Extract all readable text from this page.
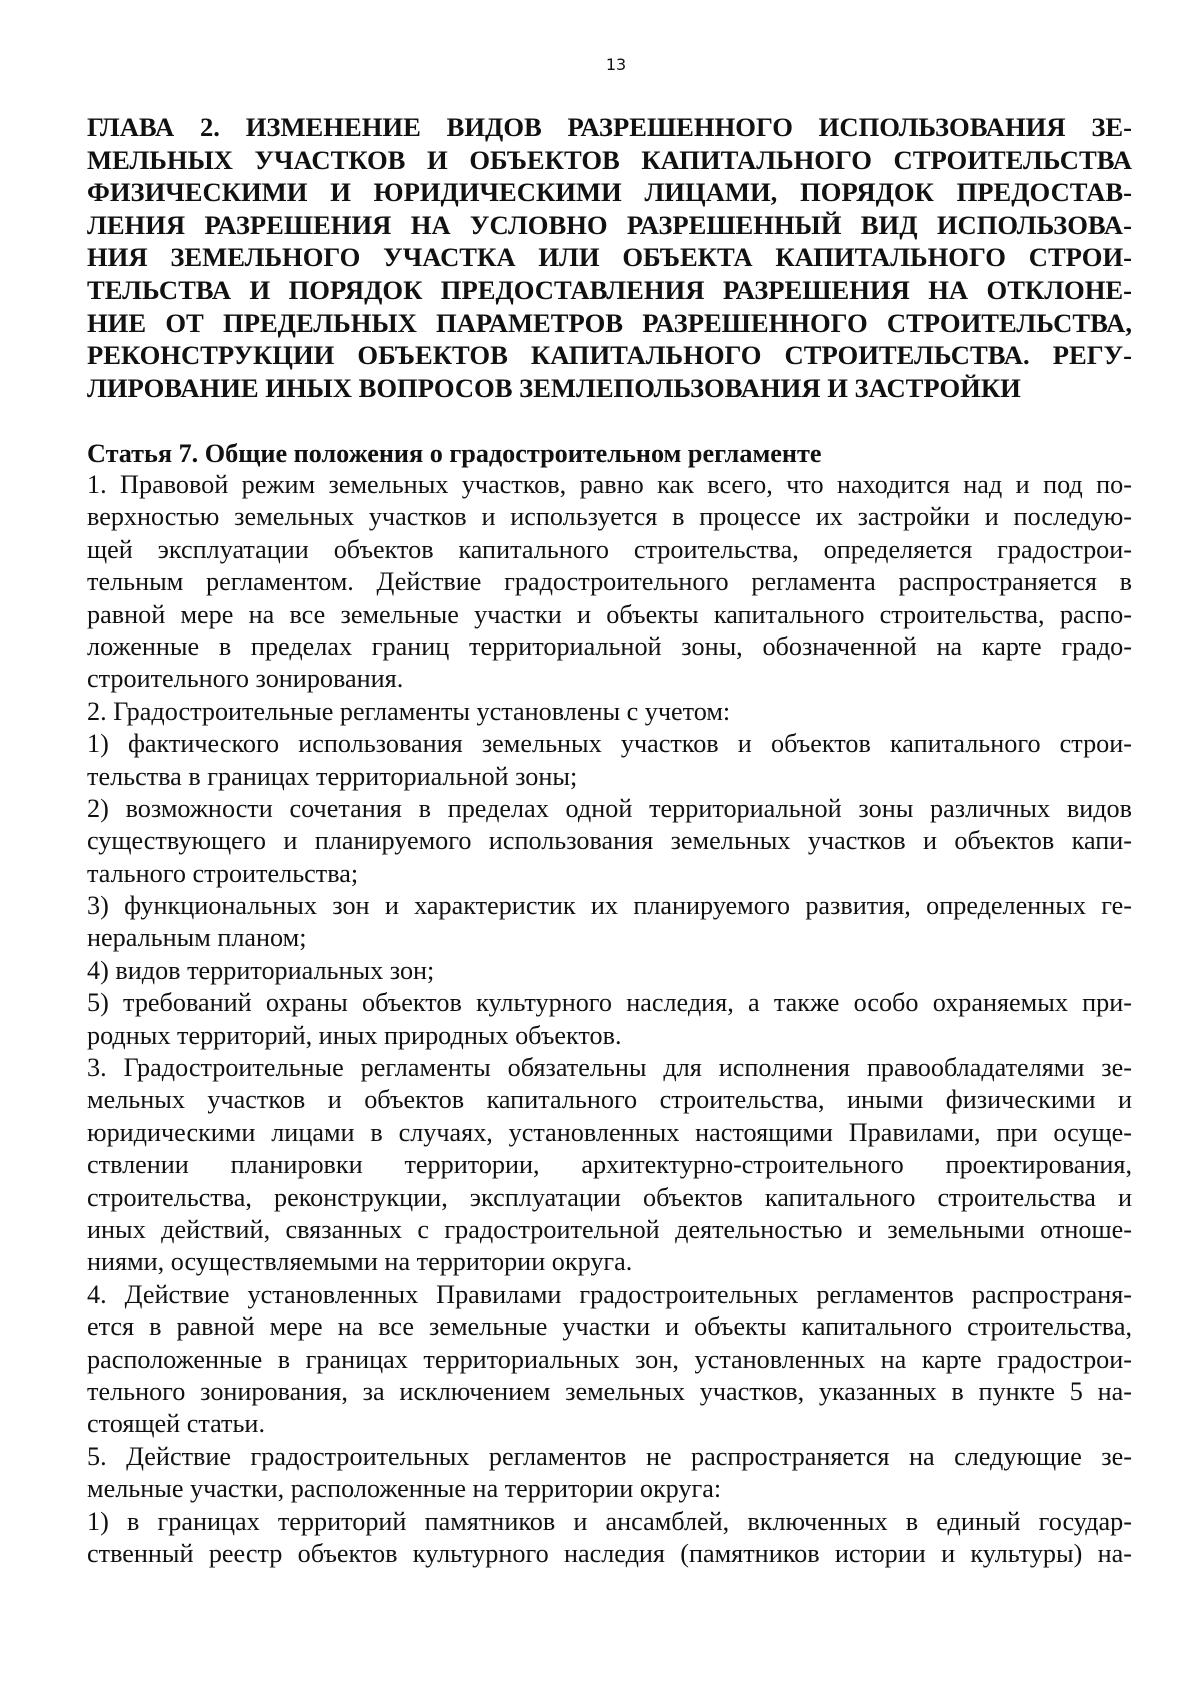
13
ГЛАВА 2. ИЗМЕНЕНИЕ ВИДОВ РАЗРЕШЕННОГО ИСПОЛЬЗОВАНИЯ ЗЕ-
МЕЛЬНЫХ УЧАСТКОВ И ОБЪЕКТОВ КАПИТАЛЬНОГО СТРОИТЕЛЬСТВА
ФИЗИЧЕСКИМИ И ЮРИДИЧЕСКИМИ ЛИЦАМИ, ПОРЯДОК ПРЕДОСТАВ-
ЛЕНИЯ РАЗРЕШЕНИЯ НА УСЛОВНО РАЗРЕШЕННЫЙ ВИД ИСПОЛЬЗОВА-
НИЯ ЗЕМЕЛЬНОГО УЧАСТКА ИЛИ ОБЪЕКТА КАПИТАЛЬНОГО СТРОИ-
ТЕЛЬСТВА И ПОРЯДОК ПРЕДОСТАВЛЕНИЯ РАЗРЕШЕНИЯ НА ОТКЛОНЕ-
НИЕ ОТ ПРЕДЕЛЬНЫХ ПАРАМЕТРОВ РАЗРЕШЕННОГО СТРОИТЕЛЬСТВА,
РЕКОНСТРУКЦИИ ОБЪЕКТОВ КАПИТАЛЬНОГО СТРОИТЕЛЬСТВА. РЕГУ-
ЛИРОВАНИЕ ИНЫХ ВОПРОСОВ ЗЕМЛЕПОЛЬЗОВАНИЯ И ЗАСТРОЙКИ
Статья 7. Общие положения о градостроительном регламенте

1. Правовой режим земельных участков, равно как всего, что находится над и под по-
верхностью земельных участков и используется в процессе их застройки и последую-
щей эксплуатации объектов капитального строительства, определяется градострои-
тельным регламентом. Действие градостроительного регламента распространяется в
равной мере на все земельные участки и объекты капитального строительства, распо-
ложенные в пределах границ территориальной зоны, обозначенной на карте градо-
строительного зонирования.

2. Градостроительные регламенты установлены с учетом:

1) фактического использования земельных участков и объектов капитального строи-
тельства в границах территориальной зоны;

2) возможности сочетания в пределах одной территориальной зоны различных видов
существующего и планируемого использования земельных участков и объектов капи-
тального строительства;

3) функциональных зон и характеристик их планируемого развития, определенных ге-
неральным планом;

4) видов территориальных зон;

5) требований охраны объектов культурного наследия, а также особо охраняемых при-
родных территорий, иных природных объектов.

3. Градостроительные регламенты обязательны для исполнения правообладателями зе-
мельных участков и объектов капитального строительства, иными физическими и
юридическими лицами в случаях, установленных настоящими Правилами, при осуще-
ствлении планировки территории, архитектурно-строительного проектирования,
строительства, реконструкции, эксплуатации объектов капитального строительства и
иных действий, связанных с градостроительной деятельностью и земельными отноше-
ниями, осуществляемыми на территории округа.

4. Действие установленных Правилами градостроительных регламентов распространя-
ется в равной мере на все земельные участки и объекты капитального строительства,
расположенные в границах территориальных зон, установленных на карте градострои-
тельного зонирования, за исключением земельных участков, указанных в пункте 5 на-
стоящей статьи.

5. Действие градостроительных регламентов не распространяется на следующие зе-
мельные участки, расположенные на территории округа:

1) в границах территорий памятников и ансамблей, включенных в единый государ-
ственный реестр объектов культурного наследия (памятников истории и культуры) на-
